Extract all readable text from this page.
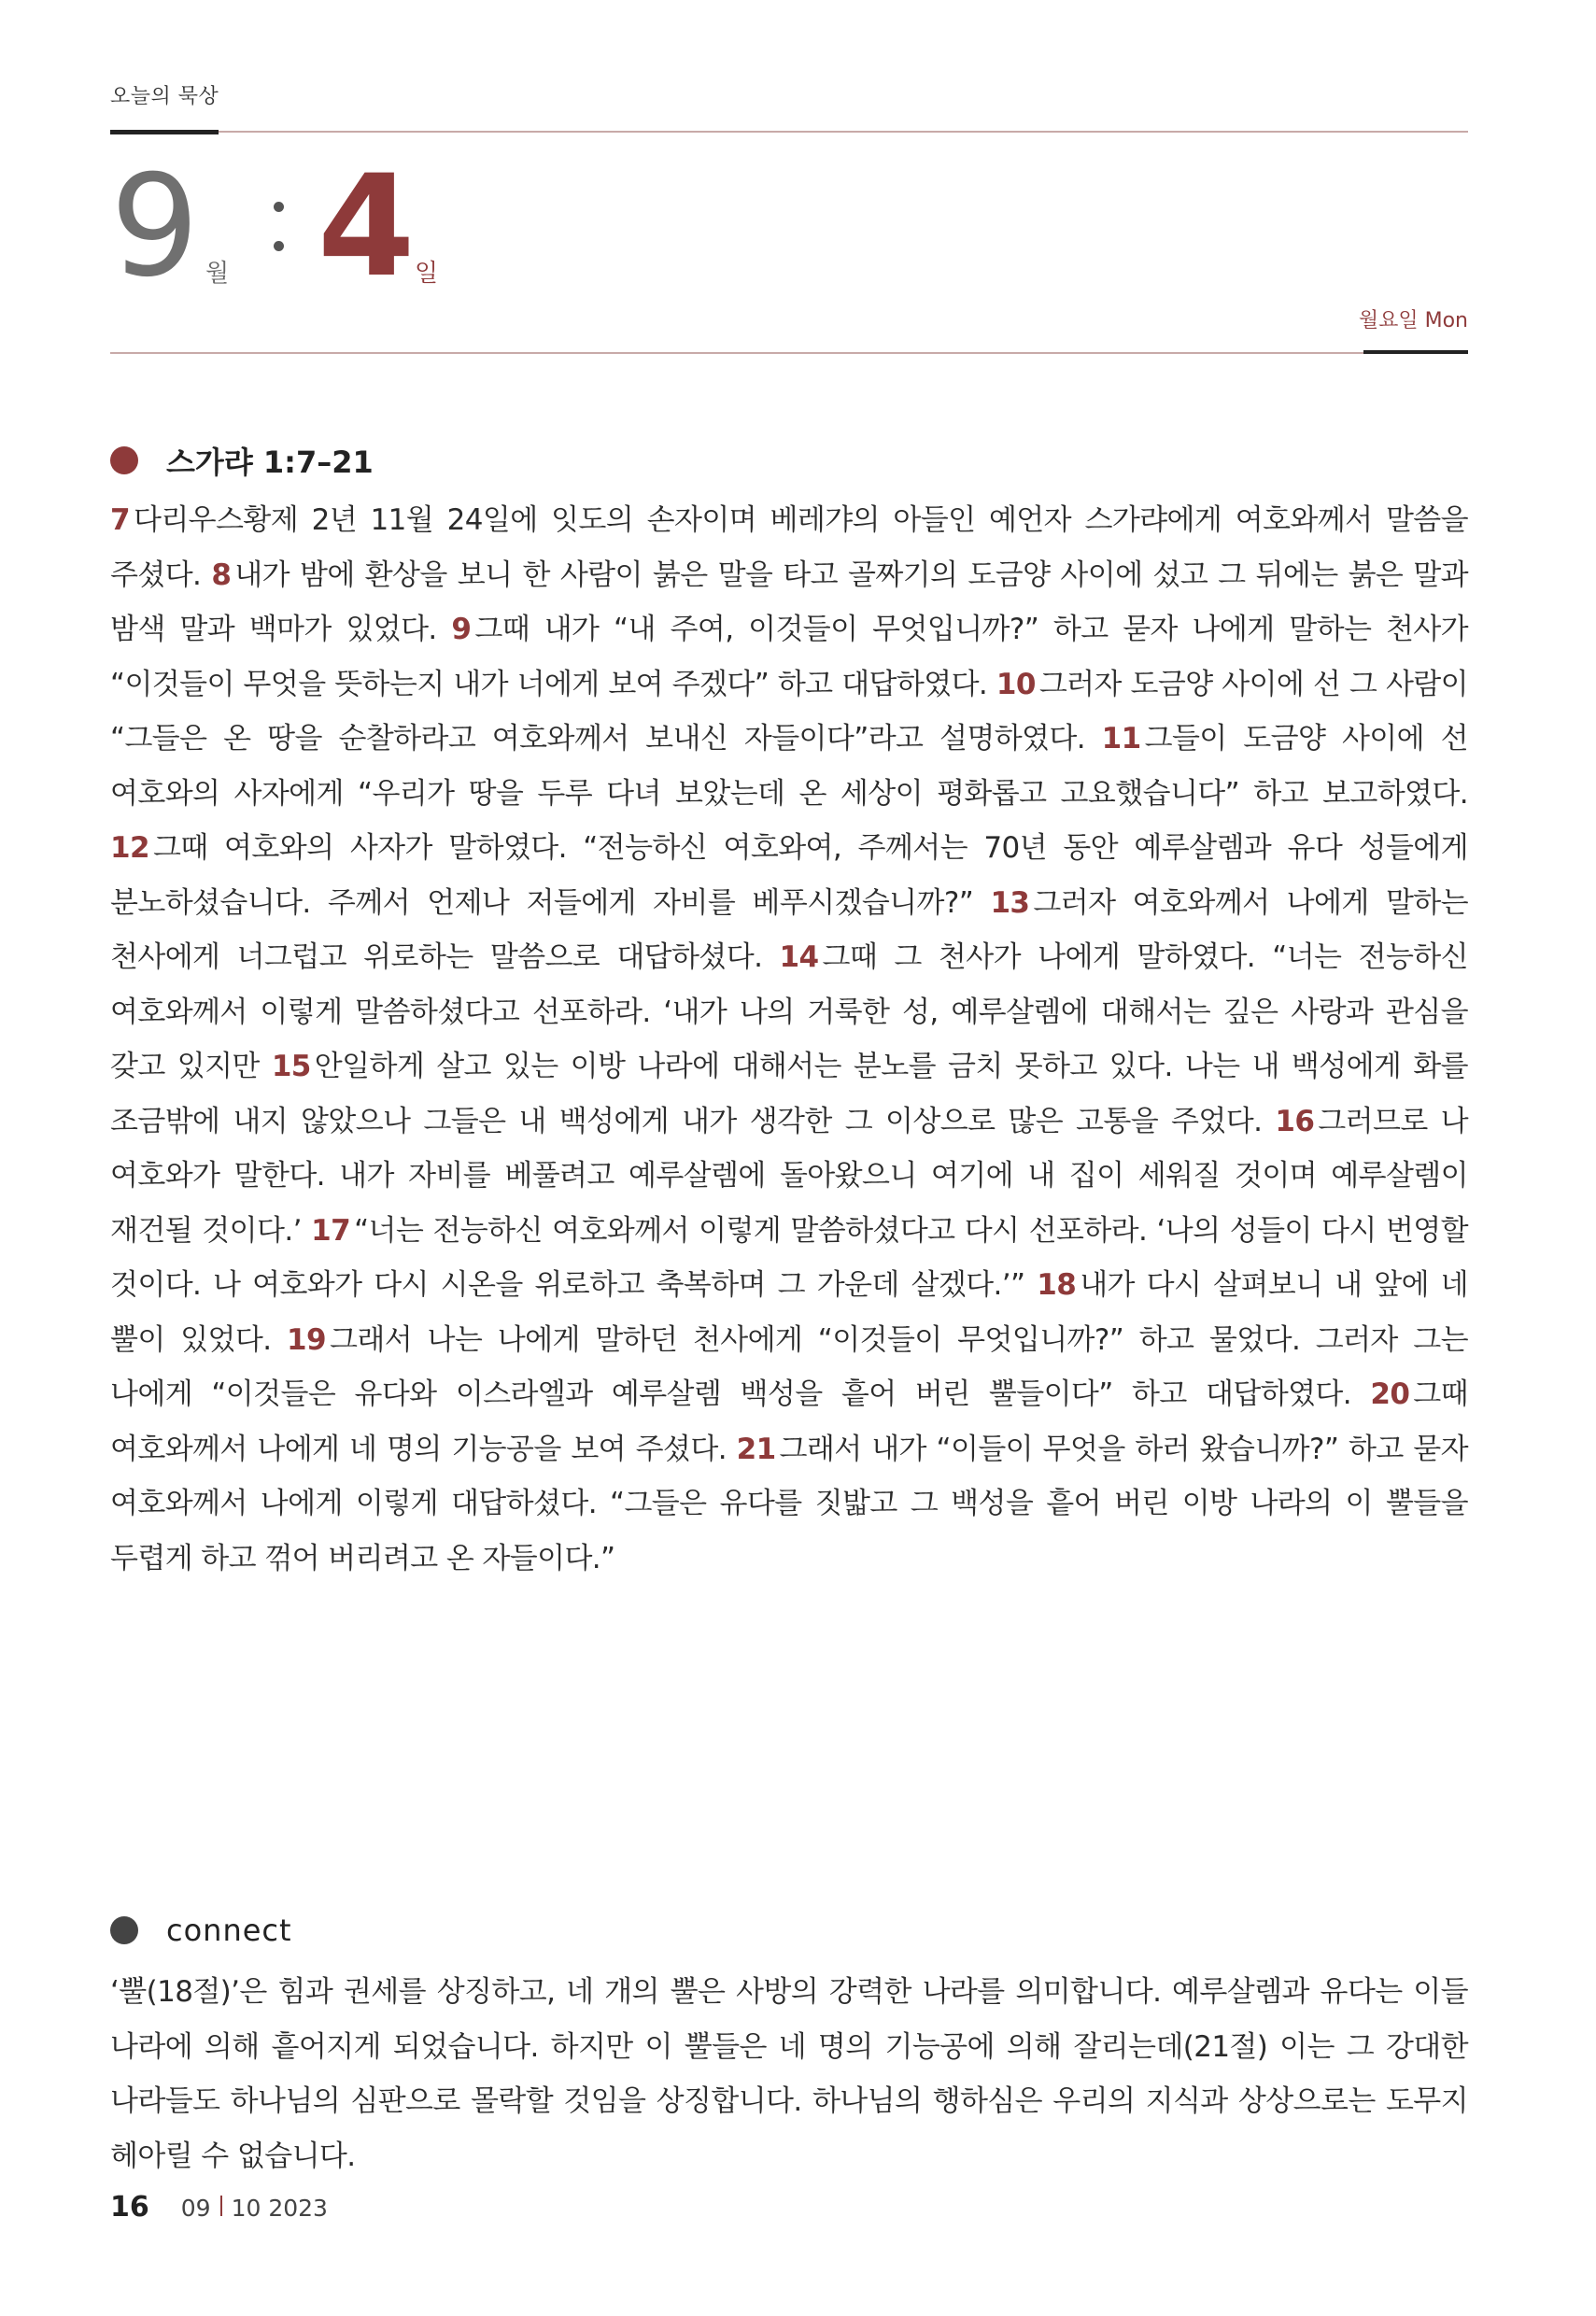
오늘의 묵상
9 월 4 일
월요일 Mon
스가랴 1:7–21
7 다리우스황제 2년 11월 24일에 잇도의 손자이며 베레갸의 아들인 예언자 스가랴에게 여호와께서 말씀을 주셨다. 8 내가 밤에 환상을 보니 한 사람이 붉은 말을 타고 골짜기의 도금양 사이에 섰고 그 뒤에는 붉은 말과 밤색 말과 백마가 있었다. 9 그때 내가 “내 주여, 이것들이 무엇입니까?” 하고 묻자 나에게 말하는 천사가 “이것들이 무엇을 뜻하는지 내가 너에게 보여 주겠다” 하고 대답하였다. 10 그러자 도금양 사이에 선 그 사람이 “그들은 온 땅을 순찰하라고 여호와께서 보내신 자들이다”라고 설명하였다. 11 그들이 도금양 사이에 선 여호와의 사자에게 “우리가 땅을 두루 다녀 보았는데 온 세상이 평화롭고 고요했습니다” 하고 보고하였다. 12 그때 여호와의 사자가 말하였다. “전능하신 여호와여, 주께서는 70년 동안 예루살렘과 유다 성들에게 분노하셨습니다. 주께서 언제나 저들에게 자비를 베푸시겠습니까?” 13 그러자 여호와께서 나에게 말하는 천사에게 너그럽고 위로하는 말씀으로 대답하셨다. 14 그때 그 천사가 나에게 말하였다. “너는 전능하신 여호와께서 이렇게 말씀하셨다고 선포하라. ‘내가 나의 거룩한 성, 예루살렘에 대해서는 깊은 사랑과 관심을 갖고 있지만 15 안일하게 살고 있는 이방 나라에 대해서는 분노를 금치 못하고 있다. 나는 내 백성에게 화를 조금밖에 내지 않았으나 그들은 내 백성에게 내가 생각한 그 이상으로 많은 고통을 주었다. 16 그러므로 나 여호와가 말한다. 내가 자비를 베풀려고 예루살렘에 돌아왔으니 여기에 내 집이 세워질 것이며 예루살렘이 재건될 것이다.’ 17 “너는 전능하신 여호와께서 이렇게 말씀하셨다고 다시 선포하라. ‘나의 성들이 다시 번영할 것이다. 나 여호와가 다시 시온을 위로하고 축복하며 그 가운데 살겠다.’” 18 내가 다시 살펴보니 내 앞에 네 뿔이 있었다. 19 그래서 나는 나에게 말하던 천사에게 “이것들이 무엇입니까?” 하고 물었다. 그러자 그는 나에게 “이것들은 유다와 이스라엘과 예루살렘 백성을 흩어 버린 뿔들이다” 하고 대답하였다. 20 그때 여호와께서 나에게 네 명의 기능공을 보여 주셨다. 21 그래서 내가 “이들이 무엇을 하러 왔습니까?” 하고 묻자 여호와께서 나에게 이렇게 대답하셨다. “그들은 유다를 짓밟고 그 백성을 흩어 버린 이방 나라의 이 뿔들을 두렵게 하고 꺾어 버리려고 온 자들이다.”
connect
‘뿔(18절)’은 힘과 권세를 상징하고, 네 개의 뿔은 사방의 강력한 나라를 의미합니다. 예루살렘과 유다는 이들 나라에 의해 흩어지게 되었습니다. 하지만 이 뿔들은 네 명의 기능공에 의해 잘리는데(21절) 이는 그 강대한 나라들도 하나님의 심판으로 몰락할 것임을 상징합니다. 하나님의 행하심은 우리의 지식과 상상으로는 도무지 헤아릴 수 없습니다.
16 09 10 2023
